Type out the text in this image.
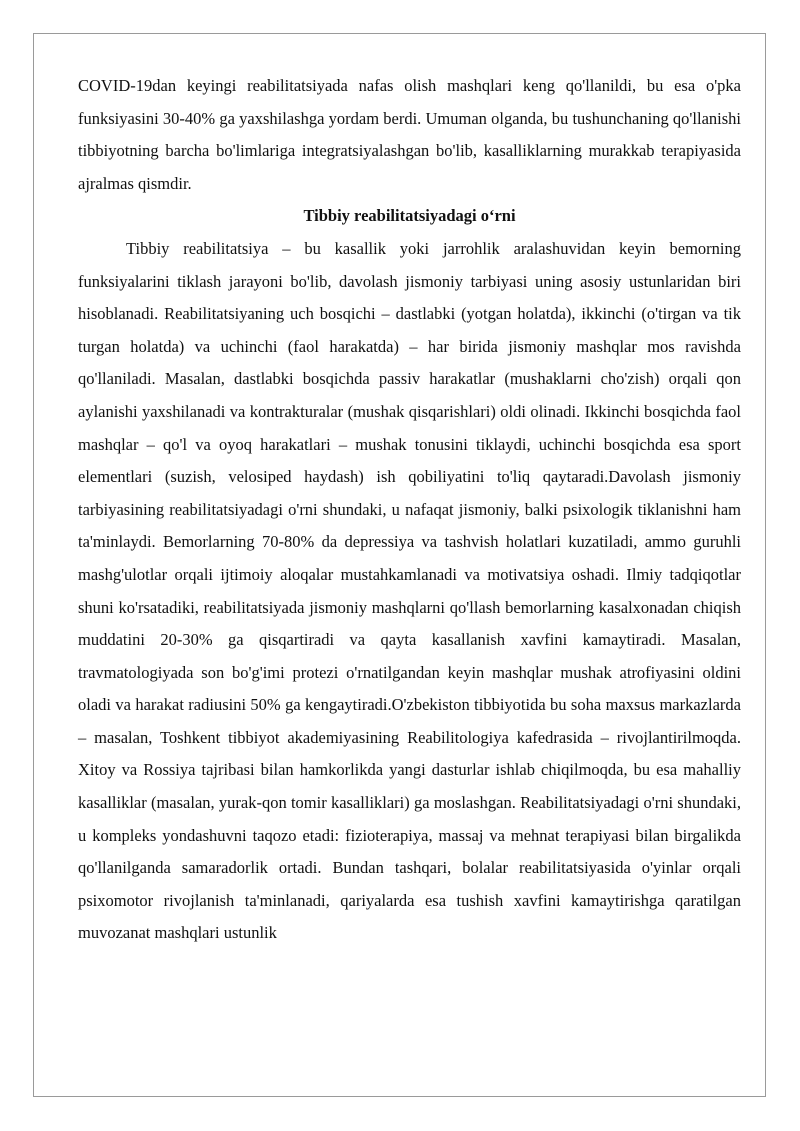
COVID-19dan keyingi reabilitatsiyada nafas olish mashqlari keng qo'llanildi, bu esa o'pka funksiyasini 30-40% ga yaxshilashga yordam berdi. Umuman olganda, bu tushunchaning qo'llanishi tibbiyotning barcha bo'limlariga integratsiyalashgan bo'lib, kasalliklarning murakkab terapiyasida ajralmas qismdir.

Tibbiy reabilitatsiyadagi o‘rni

Tibbiy reabilitatsiya – bu kasallik yoki jarrohlik aralashuvidan keyin bemorning funksiyalarini tiklash jarayoni bo'lib, davolash jismoniy tarbiyasi uning asosiy ustunlaridan biri hisoblanadi. Reabilitatsiyaning uch bosqichi – dastlabki (yotgan holatda), ikkinchi (o'tirgan va tik turgan holatda) va uchinchi (faol harakatda) – har birida jismoniy mashqlar mos ravishda qo'llaniladi. Masalan, dastlabki bosqichda passiv harakatlar (mushaklarni cho'zish) orqali qon aylanishi yaxshilanadi va kontrakturalar (mushak qisqarishlari) oldi olinadi. Ikkinchi bosqichda faol mashqlar – qo'l va oyoq harakatlari – mushak tonusini tiklaydi, uchinchi bosqichda esa sport elementlari (suzish, velosiped haydash) ish qobiliyatini to'liq qaytaradi.Davolash jismoniy tarbiyasining reabilitatsiyadagi o'rni shundaki, u nafaqat jismoniy, balki psixologik tiklanishni ham ta'minlaydi. Bemorlarning 70-80% da depressiya va tashvish holatlari kuzatiladi, ammo guruhli mashg'ulotlar orqali ijtimoiy aloqalar mustahkamlanadi va motivatsiya oshadi. Ilmiy tadqiqotlar shuni ko'rsatadiki, reabilitatsiyada jismoniy mashqlarni qo'llash bemorlarning kasalxonadan chiqish muddatini 20-30% ga qisqartiradi va qayta kasallanish xavfini kamaytiradi. Masalan, travmatologiyada son bo'g'imi protezi o'rnatilgandan keyin mashqlar mushak atrofiyasini oldini oladi va harakat radiusini 50% ga kengaytiradi.O'zbekiston tibbiyotida bu soha maxsus markazlarda – masalan, Toshkent tibbiyot akademiyasining Reabilitologiya kafedrasida – rivojlantirilmoqda. Xitoy va Rossiya tajribasi bilan hamkorlikda yangi dasturlar ishlab chiqilmoqda, bu esa mahalliy kasalliklar (masalan, yurak-qon tomir kasalliklari) ga moslashgan. Reabilitatsiyadagi o'rni shundaki, u kompleks yondashuvni taqozo etadi: fizioterapiya, massaj va mehnat terapiyasi bilan birgalikda qo'llanilganda samaradorlik ortadi. Bundan tashqari, bolalar reabilitatsiyasida o'yinlar orqali psixomotor rivojlanish ta'minlanadi, qariyalarda esa tushish xavfini kamaytirishga qaratilgan muvozanat mashqlari ustunlik
